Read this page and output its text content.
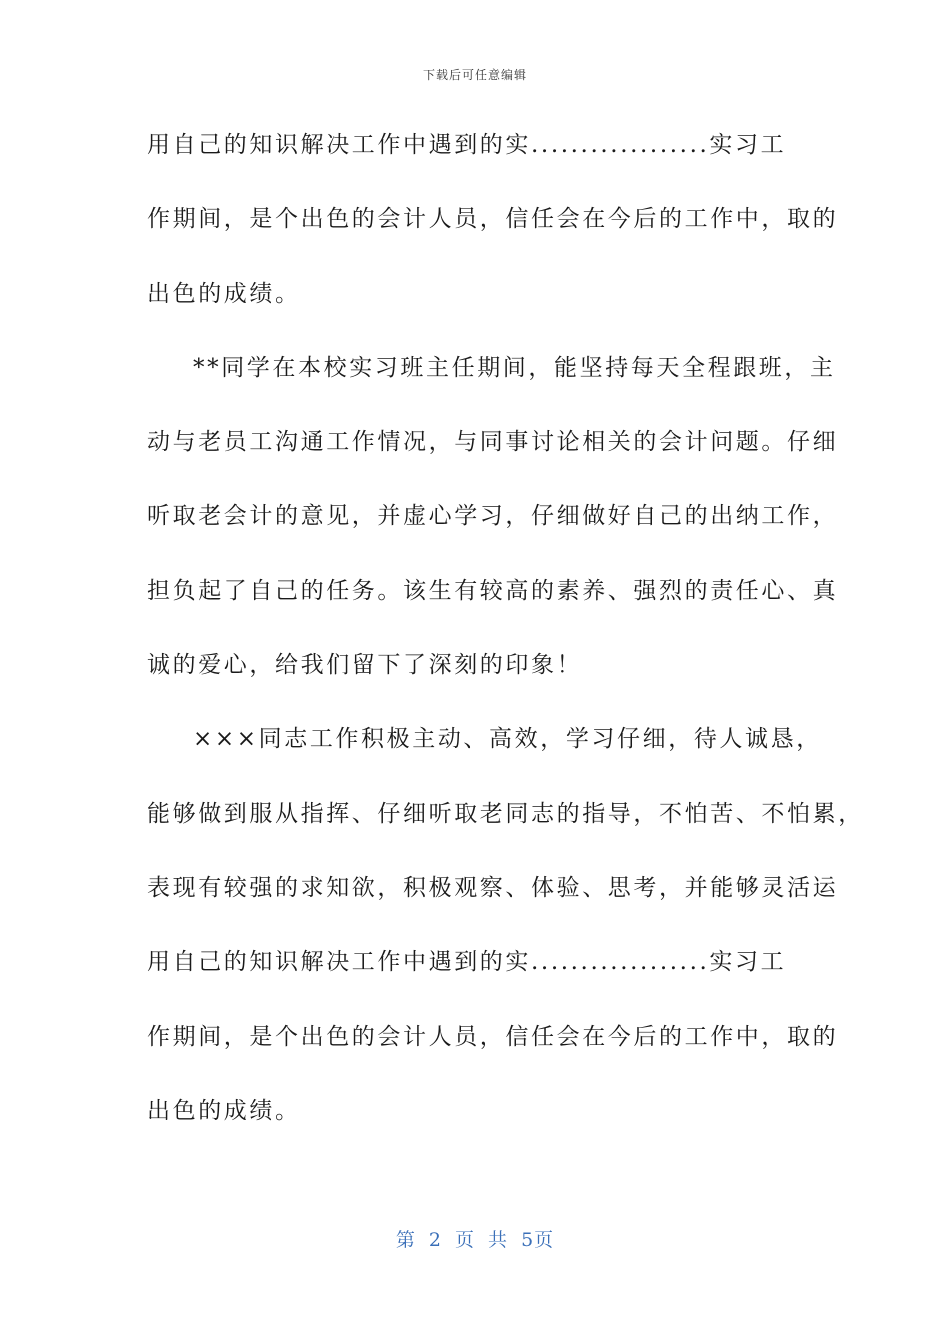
下载后可任意编辑
用自己的知识解决工作中遇到的实..................实习工
作期间，是个出色的会计人员，信任会在今后的工作中，取的
出色的成绩。
**同学在本校实习班主任期间，能坚持每天全程跟班，主
动与老员工沟通工作情况，与同事讨论相关的会计问题。仔细
听取老会计的意见，并虚心学习，仔细做好自己的出纳工作，
担负起了自己的任务。该生有较高的素养、强烈的责任心、真
诚的爱心，给我们留下了深刻的印象！
×××同志工作积极主动、高效，学习仔细，待人诚恳，
能够做到服从指挥、仔细听取老同志的指导，不怕苦、不怕累，
表现有较强的求知欲，积极观察、体验、思考，并能够灵活运
用自己的知识解决工作中遇到的实..................实习工
作期间，是个出色的会计人员，信任会在今后的工作中，取的
出色的成绩。
第 2 页 共 5页
